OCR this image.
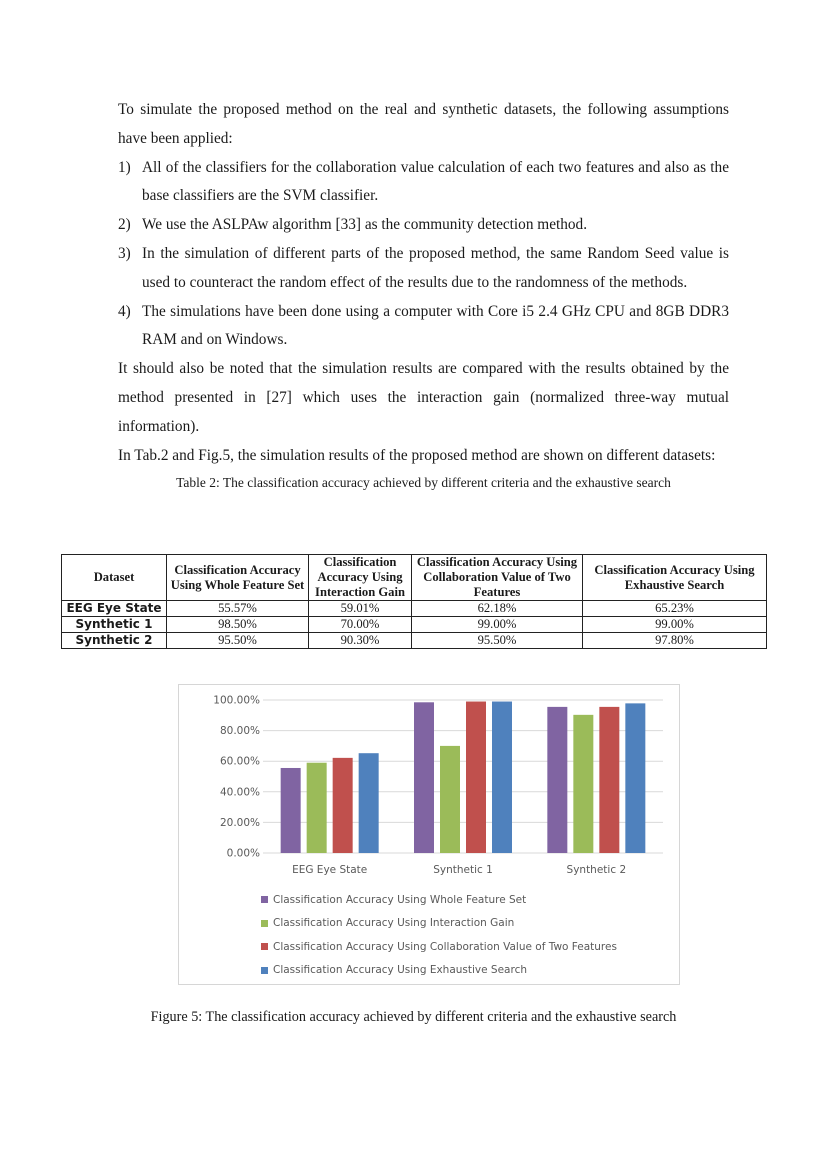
To simulate the proposed method on the real and synthetic datasets, the following assumptions have been applied:

1) All of the classifiers for the collaboration value calculation of each two features and also as the base classifiers are the SVM classifier.
2) We use the ASLPAw algorithm [33] as the community detection method.
3) In the simulation of different parts of the proposed method, the same Random Seed value is used to counteract the random effect of the results due to the randomness of the methods.
4) The simulations have been done using a computer with Core i5 2.4 GHz CPU and 8GB DDR3 RAM and on Windows.

It should also be noted that the simulation results are compared with the results obtained by the method presented in [27] which uses the interaction gain (normalized three-way mutual information).

In Tab.2 and Fig.5, the simulation results of the proposed method are shown on different datasets:

Table 2: The classification accuracy achieved by different criteria and the exhaustive search

Dataset	Classification Accuracy Using Whole Feature Set	Classification Accuracy Using Interaction Gain	Classification Accuracy Using Collaboration Value of Two Features	Classification Accuracy Using Exhaustive Search
EEG Eye State	55.57%	59.01%	62.18%	65.23%
Synthetic 1	98.50%	70.00%	99.00%	99.00%
Synthetic 2	95.50%	90.30%	95.50%	97.80%
0.00%
20.00%
40.00%
60.00%
80.00%
100.00%
EEG Eye State	Synthetic 1	Synthetic 2
Classification Accuracy Using Whole Feature Set
Classification Accuracy Using Interaction Gain
Classification Accuracy Using Collaboration Value of Two Features
Classification Accuracy Using Exhaustive Search
Figure 5: The classification accuracy achieved by different criteria and the exhaustive search
